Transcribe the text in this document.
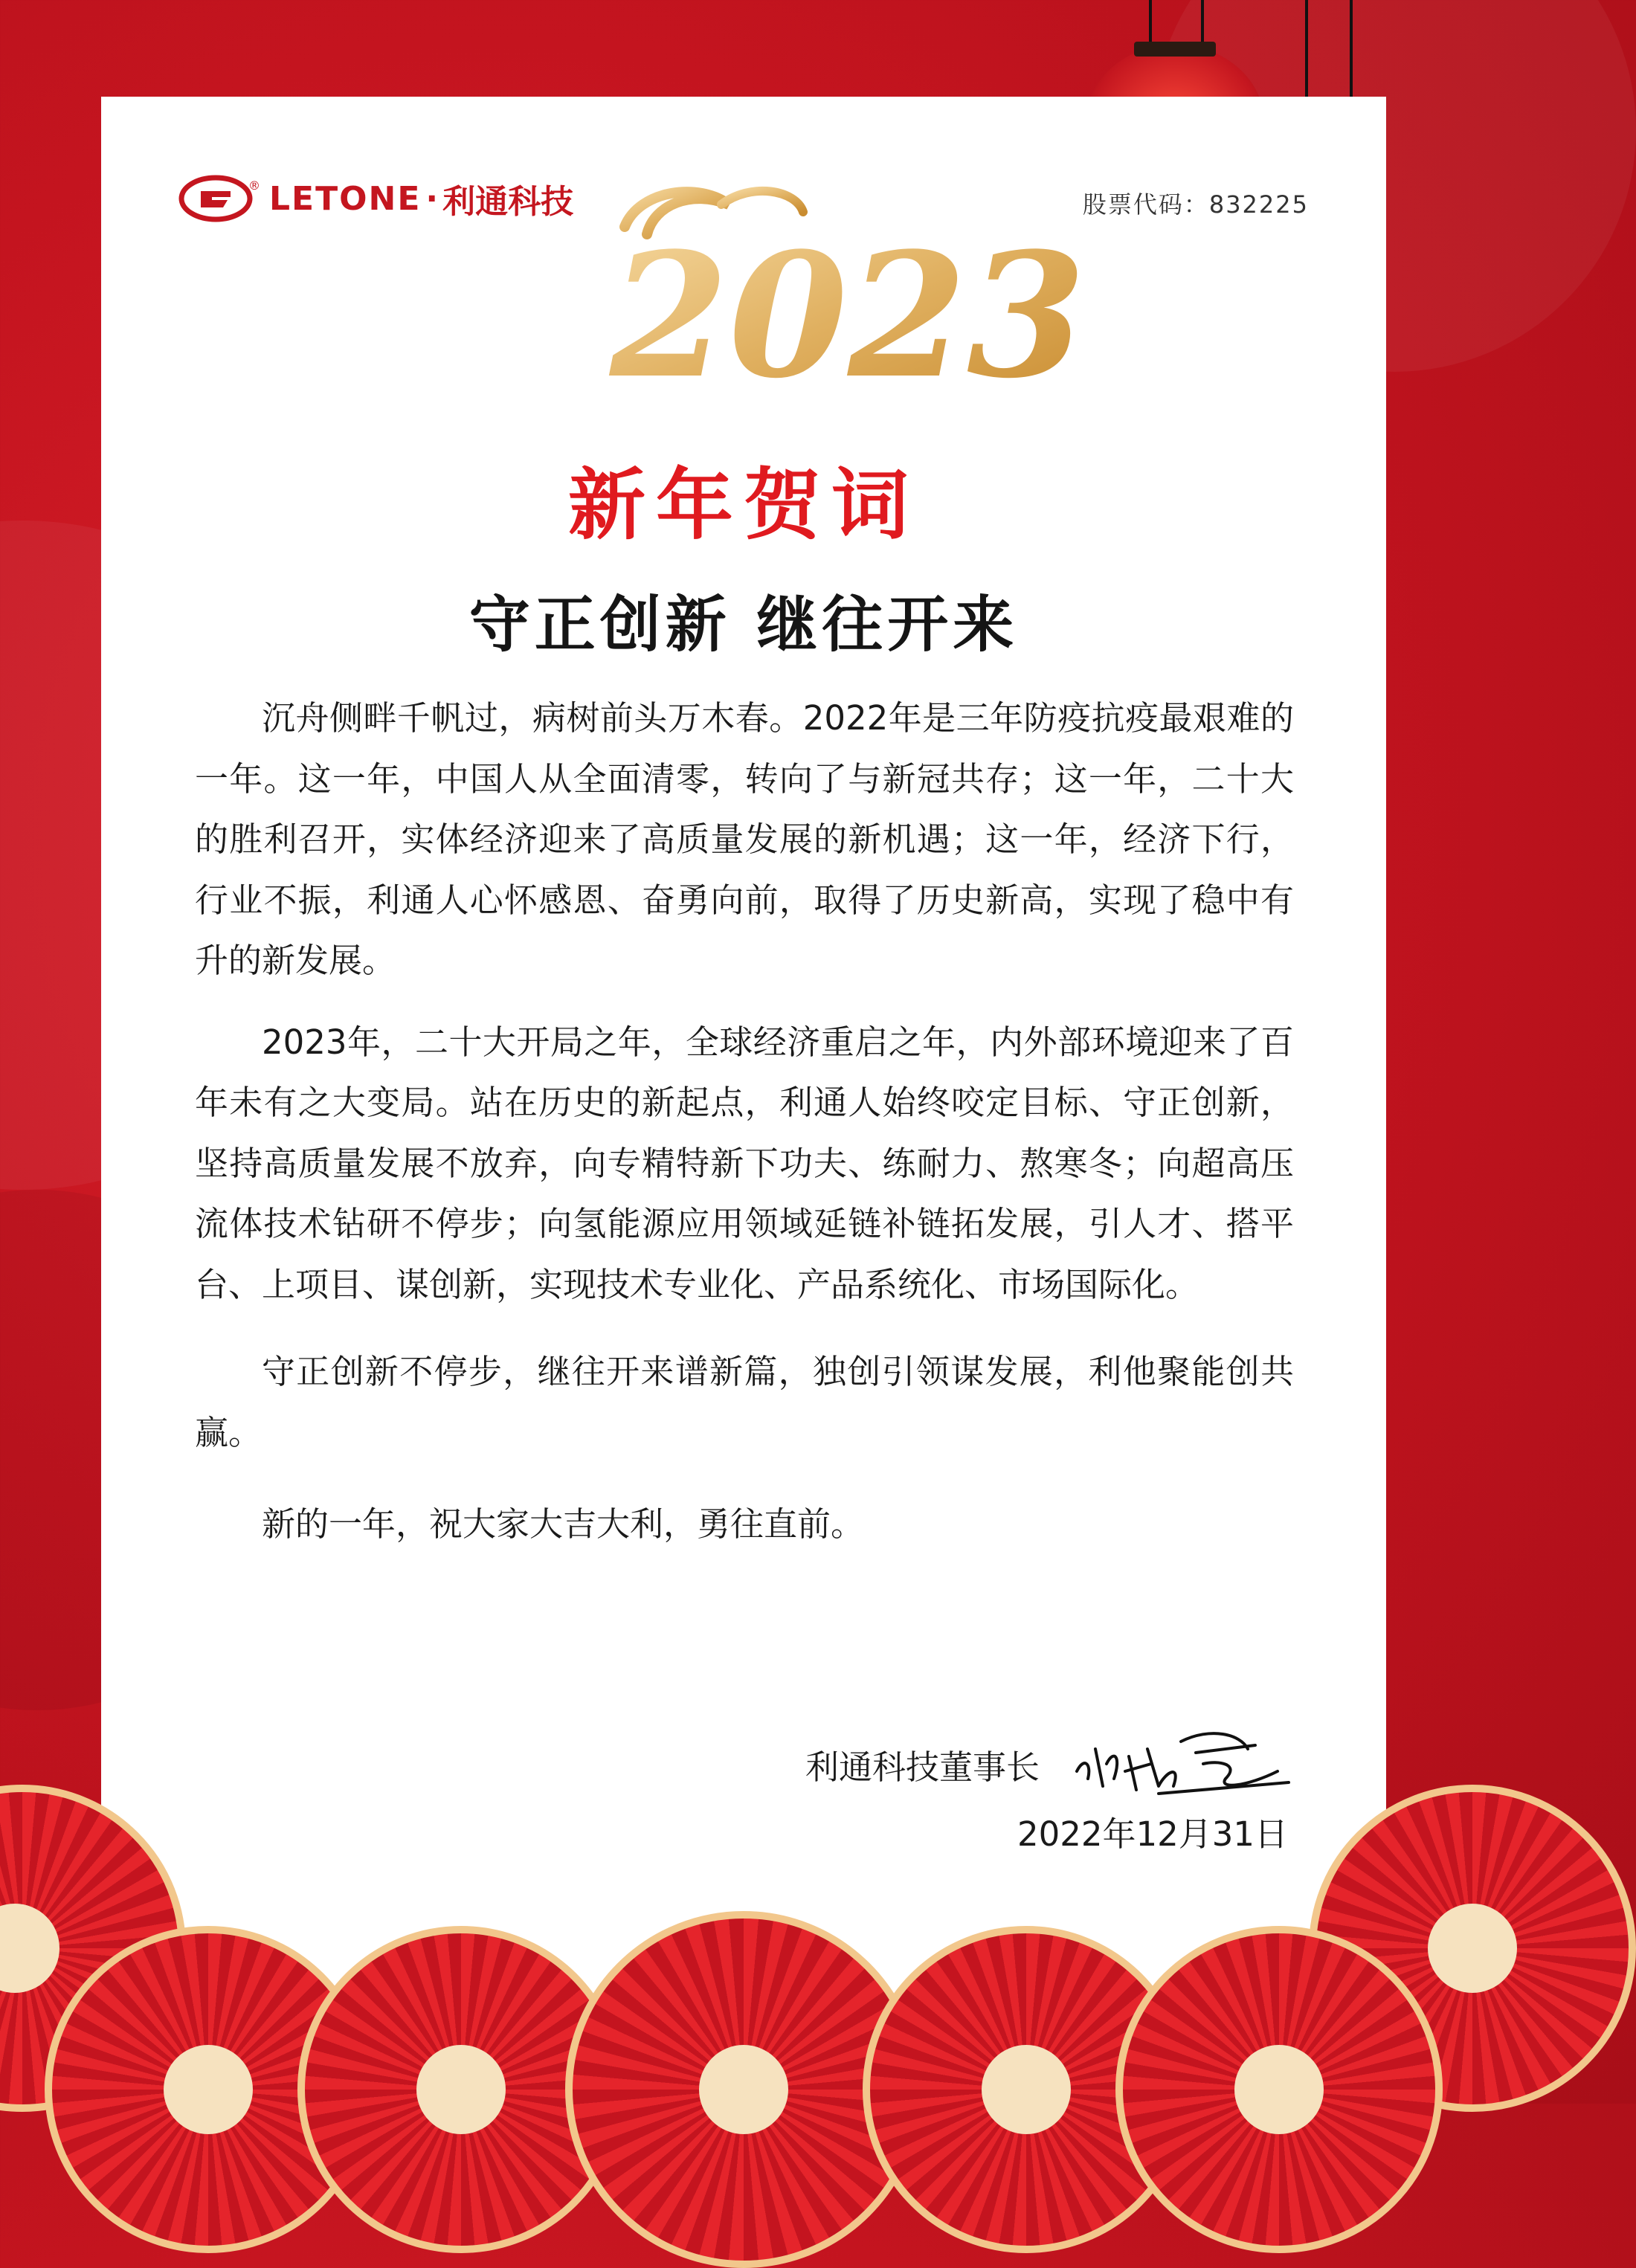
® LETONE · 利通科技	股票代码：832225
2023
新年贺词
守正创新 继往开来

沉舟侧畔千帆过，病树前头万木春。2022年是三年防疫抗疫最艰难的一年。这一年，中国人从全面清零，转向了与新冠共存；这一年，二十大的胜利召开，实体经济迎来了高质量发展的新机遇；这一年，经济下行，行业不振，利通人心怀感恩、奋勇向前，取得了历史新高，实现了稳中有升的新发展。

2023年，二十大开局之年，全球经济重启之年，内外部环境迎来了百年未有之大变局。站在历史的新起点，利通人始终咬定目标、守正创新，坚持高质量发展不放弃，向专精特新下功夫、练耐力、熬寒冬；向超高压流体技术钻研不停步；向氢能源应用领域延链补链拓发展，引人才、搭平台、上项目、谋创新，实现技术专业化、产品系统化、市场国际化。

守正创新不停步，继往开来谱新篇，独创引领谋发展，利他聚能创共赢。

新的一年，祝大家大吉大利，勇往直前。

利通科技董事长
2022年12月31日
